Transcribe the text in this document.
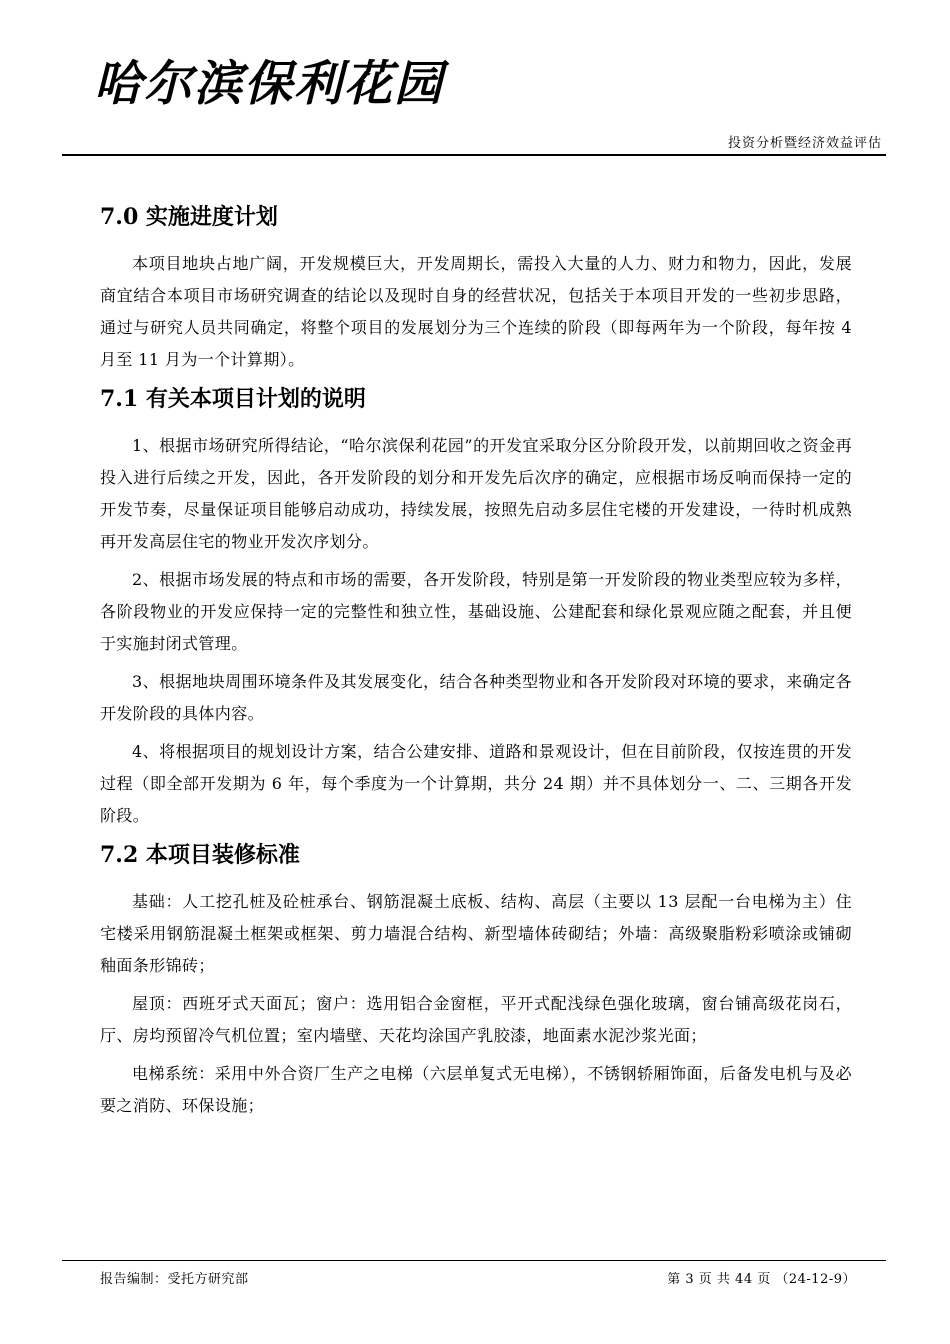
哈尔滨保利花园
投资分析暨经济效益评估
7.0 实施进度计划

本项目地块占地广阔，开发规模巨大，开发周期长，需投入大量的人力、财力和物力，因此，发展商宜结合本项目市场研究调查的结论以及现时自身的经营状况，包括关于本项目开发的一些初步思路，通过与研究人员共同确定，将整个项目的发展划分为三个连续的阶段（即每两年为一个阶段，每年按 4 月至 11 月为一个计算期）。

7.1 有关本项目计划的说明

1、根据市场研究所得结论，“哈尔滨保利花园”的开发宜采取分区分阶段开发，以前期回收之资金再投入进行后续之开发，因此，各开发阶段的划分和开发先后次序的确定，应根据市场反响而保持一定的开发节奏，尽量保证项目能够启动成功，持续发展，按照先启动多层住宅楼的开发建设，一待时机成熟再开发高层住宅的物业开发次序划分。

2、根据市场发展的特点和市场的需要，各开发阶段，特别是第一开发阶段的物业类型应较为多样，各阶段物业的开发应保持一定的完整性和独立性，基础设施、公建配套和绿化景观应随之配套，并且便于实施封闭式管理。

3、根据地块周围环境条件及其发展变化，结合各种类型物业和各开发阶段对环境的要求，来确定各开发阶段的具体内容。

4、将根据项目的规划设计方案，结合公建安排、道路和景观设计，但在目前阶段，仅按连贯的开发过程（即全部开发期为 6 年，每个季度为一个计算期，共分 24 期）并不具体划分一、二、三期各开发阶段。

7.2 本项目装修标准

基础：人工挖孔桩及砼桩承台、钢筋混凝土底板、结构、高层（主要以 13 层配一台电梯为主）住宅楼采用钢筋混凝土框架或框架、剪力墙混合结构、新型墙体砖砌结；外墙：高级聚脂粉彩喷涂或铺砌釉面条形锦砖；

屋顶：西班牙式天面瓦；窗户：选用铝合金窗框，平开式配浅绿色强化玻璃，窗台铺高级花岗石，厅、房均预留冷气机位置；室内墙壁、天花均涂国产乳胶漆，地面素水泥沙浆光面；

电梯系统：采用中外合资厂生产之电梯（六层单复式无电梯），不锈钢轿厢饰面，后备发电机与及必要之消防、环保设施；

报告编制：受托方研究部	第 3 页 共 44 页 （24-12-9）
